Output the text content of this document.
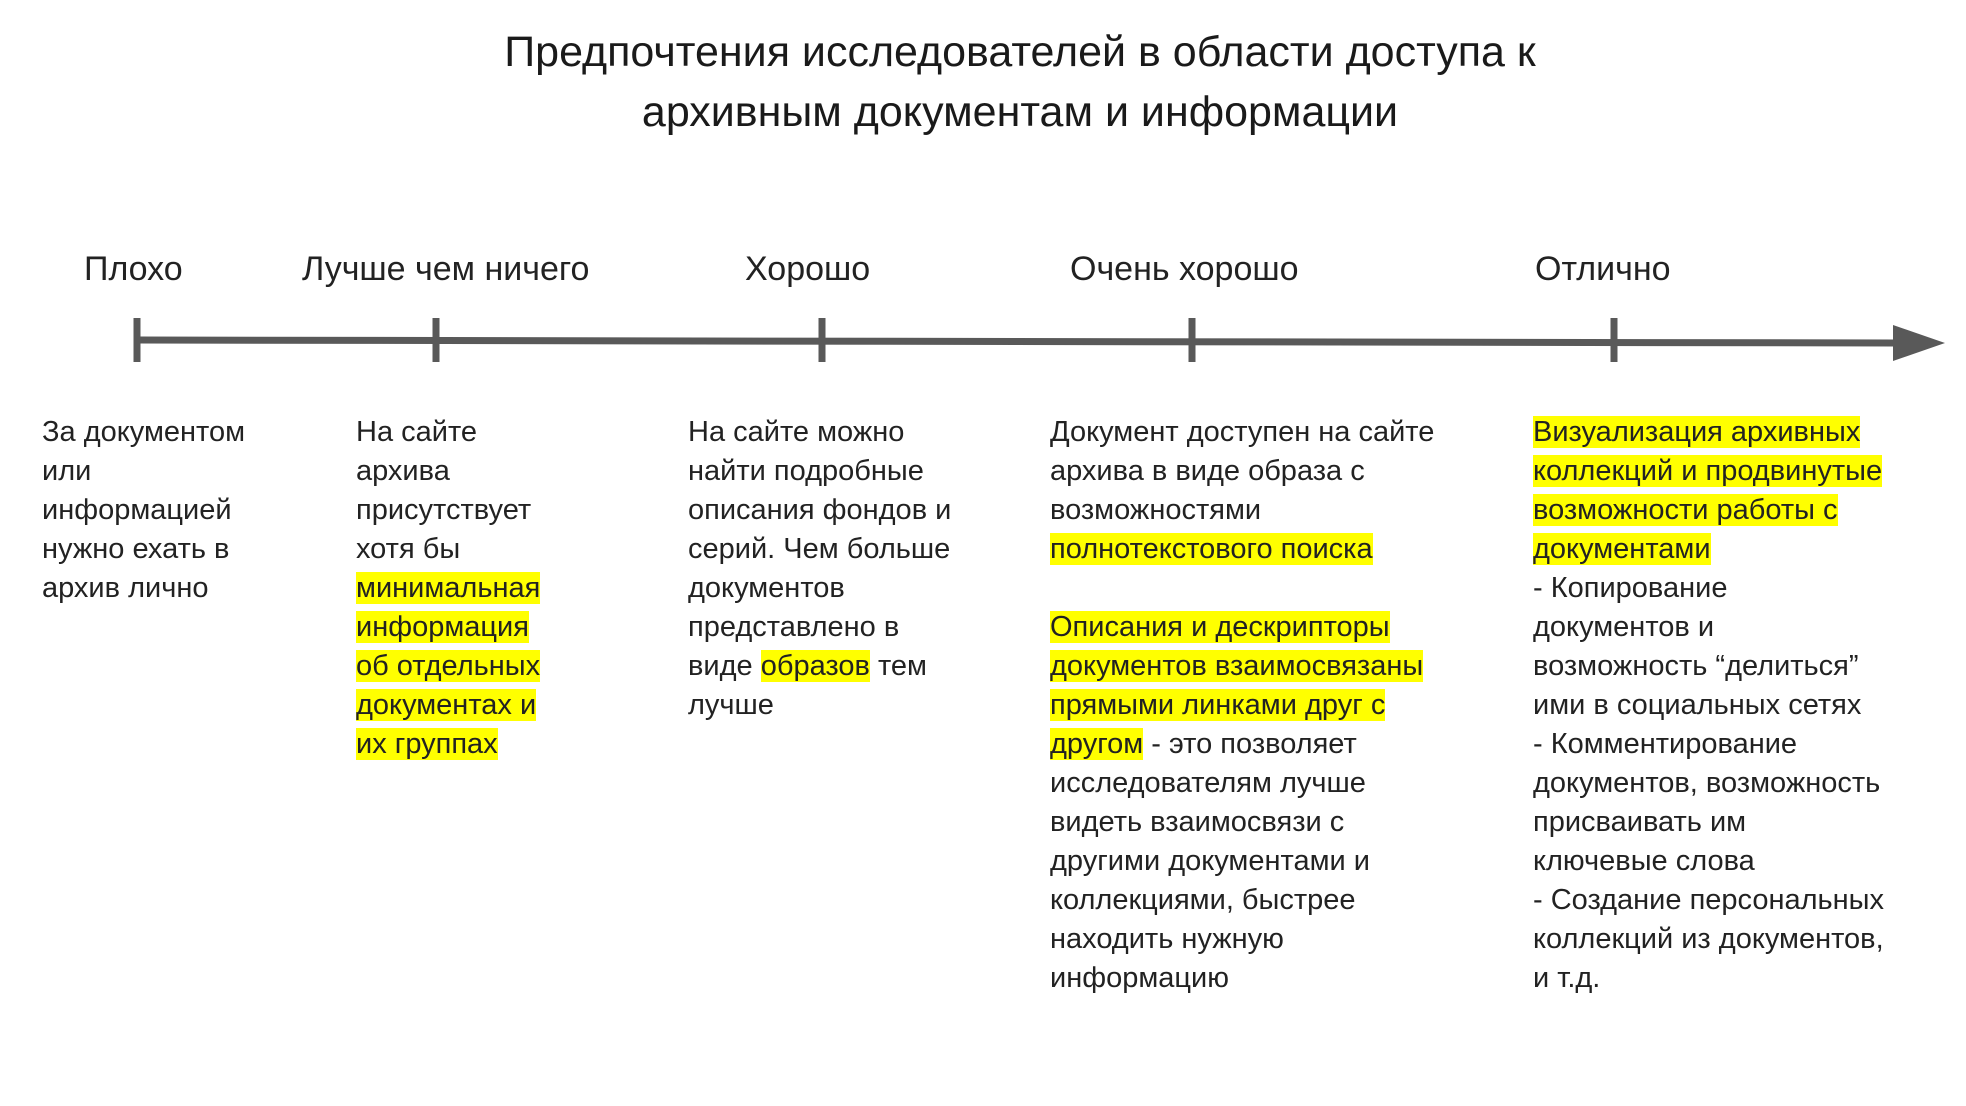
Предпочтения исследователей в области доступа к
архивным документам и информации
Плохо	Лучше чем ничего	Хорошо	Очень хорошо	Отлично
За документом
или
информацией
нужно ехать в
архив лично
На сайте
архива
присутствует
хотя бы
минимальная
информация
об отдельных
документах и
их группах
На сайте можно
найти подробные
описания фондов и
серий. Чем больше
документов
представлено в
виде образов тем
лучше
Документ доступен на сайте
архива в виде образа с
возможностями
полнотекстового поиска
Описания и дескрипторы
документов взаимосвязаны
прямыми линками друг с
другом - это позволяет
исследователям лучше
видеть взаимосвязи с
другими документами и
коллекциями, быстрее
находить нужную
информацию
Визуализация архивных
коллекций и продвинутые
возможности работы с
документами
- Копирование
документов и
возможность “делиться”
ими в социальных сетях
- Комментирование
документов, возможность
присваивать им
ключевые слова
- Создание персональных
коллекций из документов,
и т.д.
